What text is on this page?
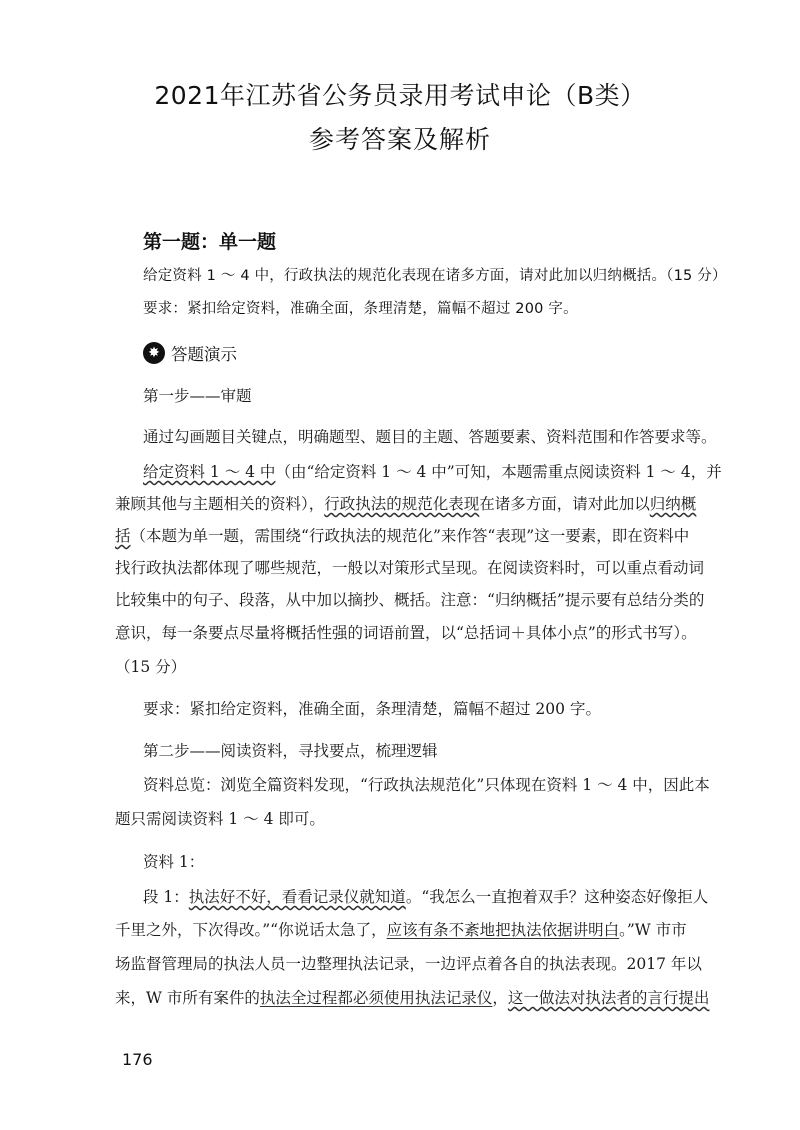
2021年江苏省公务员录用考试申论（B类）
参考答案及解析
第一题：单一题
给定资料 1 ～ 4 中，行政执法的规范化表现在诸多方面，请对此加以归纳概括。（15 分）
要求：紧扣给定资料，准确全面，条理清楚，篇幅不超过 200 字。
✸ 答题演示
第一步——审题
通过勾画题目关键点，明确题型、题目的主题、答题要素、资料范围和作答要求等。
给定资料 1 ～ 4 中（由“给定资料 1 ～ 4 中”可知，本题需重点阅读资料 1 ～ 4，并
兼顾其他与主题相关的资料），行政执法的规范化表现在诸多方面，请对此加以归纳概
括（本题为单一题，需围绕“行政执法的规范化”来作答“表现”这一要素，即在资料中
找行政执法都体现了哪些规范，一般以对策形式呈现。在阅读资料时，可以重点看动词
比较集中的句子、段落，从中加以摘抄、概括。注意：“归纳概括”提示要有总结分类的
意识，每一条要点尽量将概括性强的词语前置，以“总括词＋具体小点”的形式书写）。
（15 分）
要求：紧扣给定资料，准确全面，条理清楚，篇幅不超过 200 字。
第二步——阅读资料，寻找要点，梳理逻辑
资料总览：浏览全篇资料发现，“行政执法规范化”只体现在资料 1 ～ 4 中，因此本
题只需阅读资料 1 ～ 4 即可。
资料 1：
段 1：执法好不好，看看记录仪就知道。“我怎么一直抱着双手？这种姿态好像拒人
千里之外，下次得改。”“你说话太急了，应该有条不紊地把执法依据讲明白。”W 市市
场监督管理局的执法人员一边整理执法记录，一边评点着各自的执法表现。2017 年以
来，W 市所有案件的执法全过程都必须使用执法记录仪，这一做法对执法者的言行提出
176
